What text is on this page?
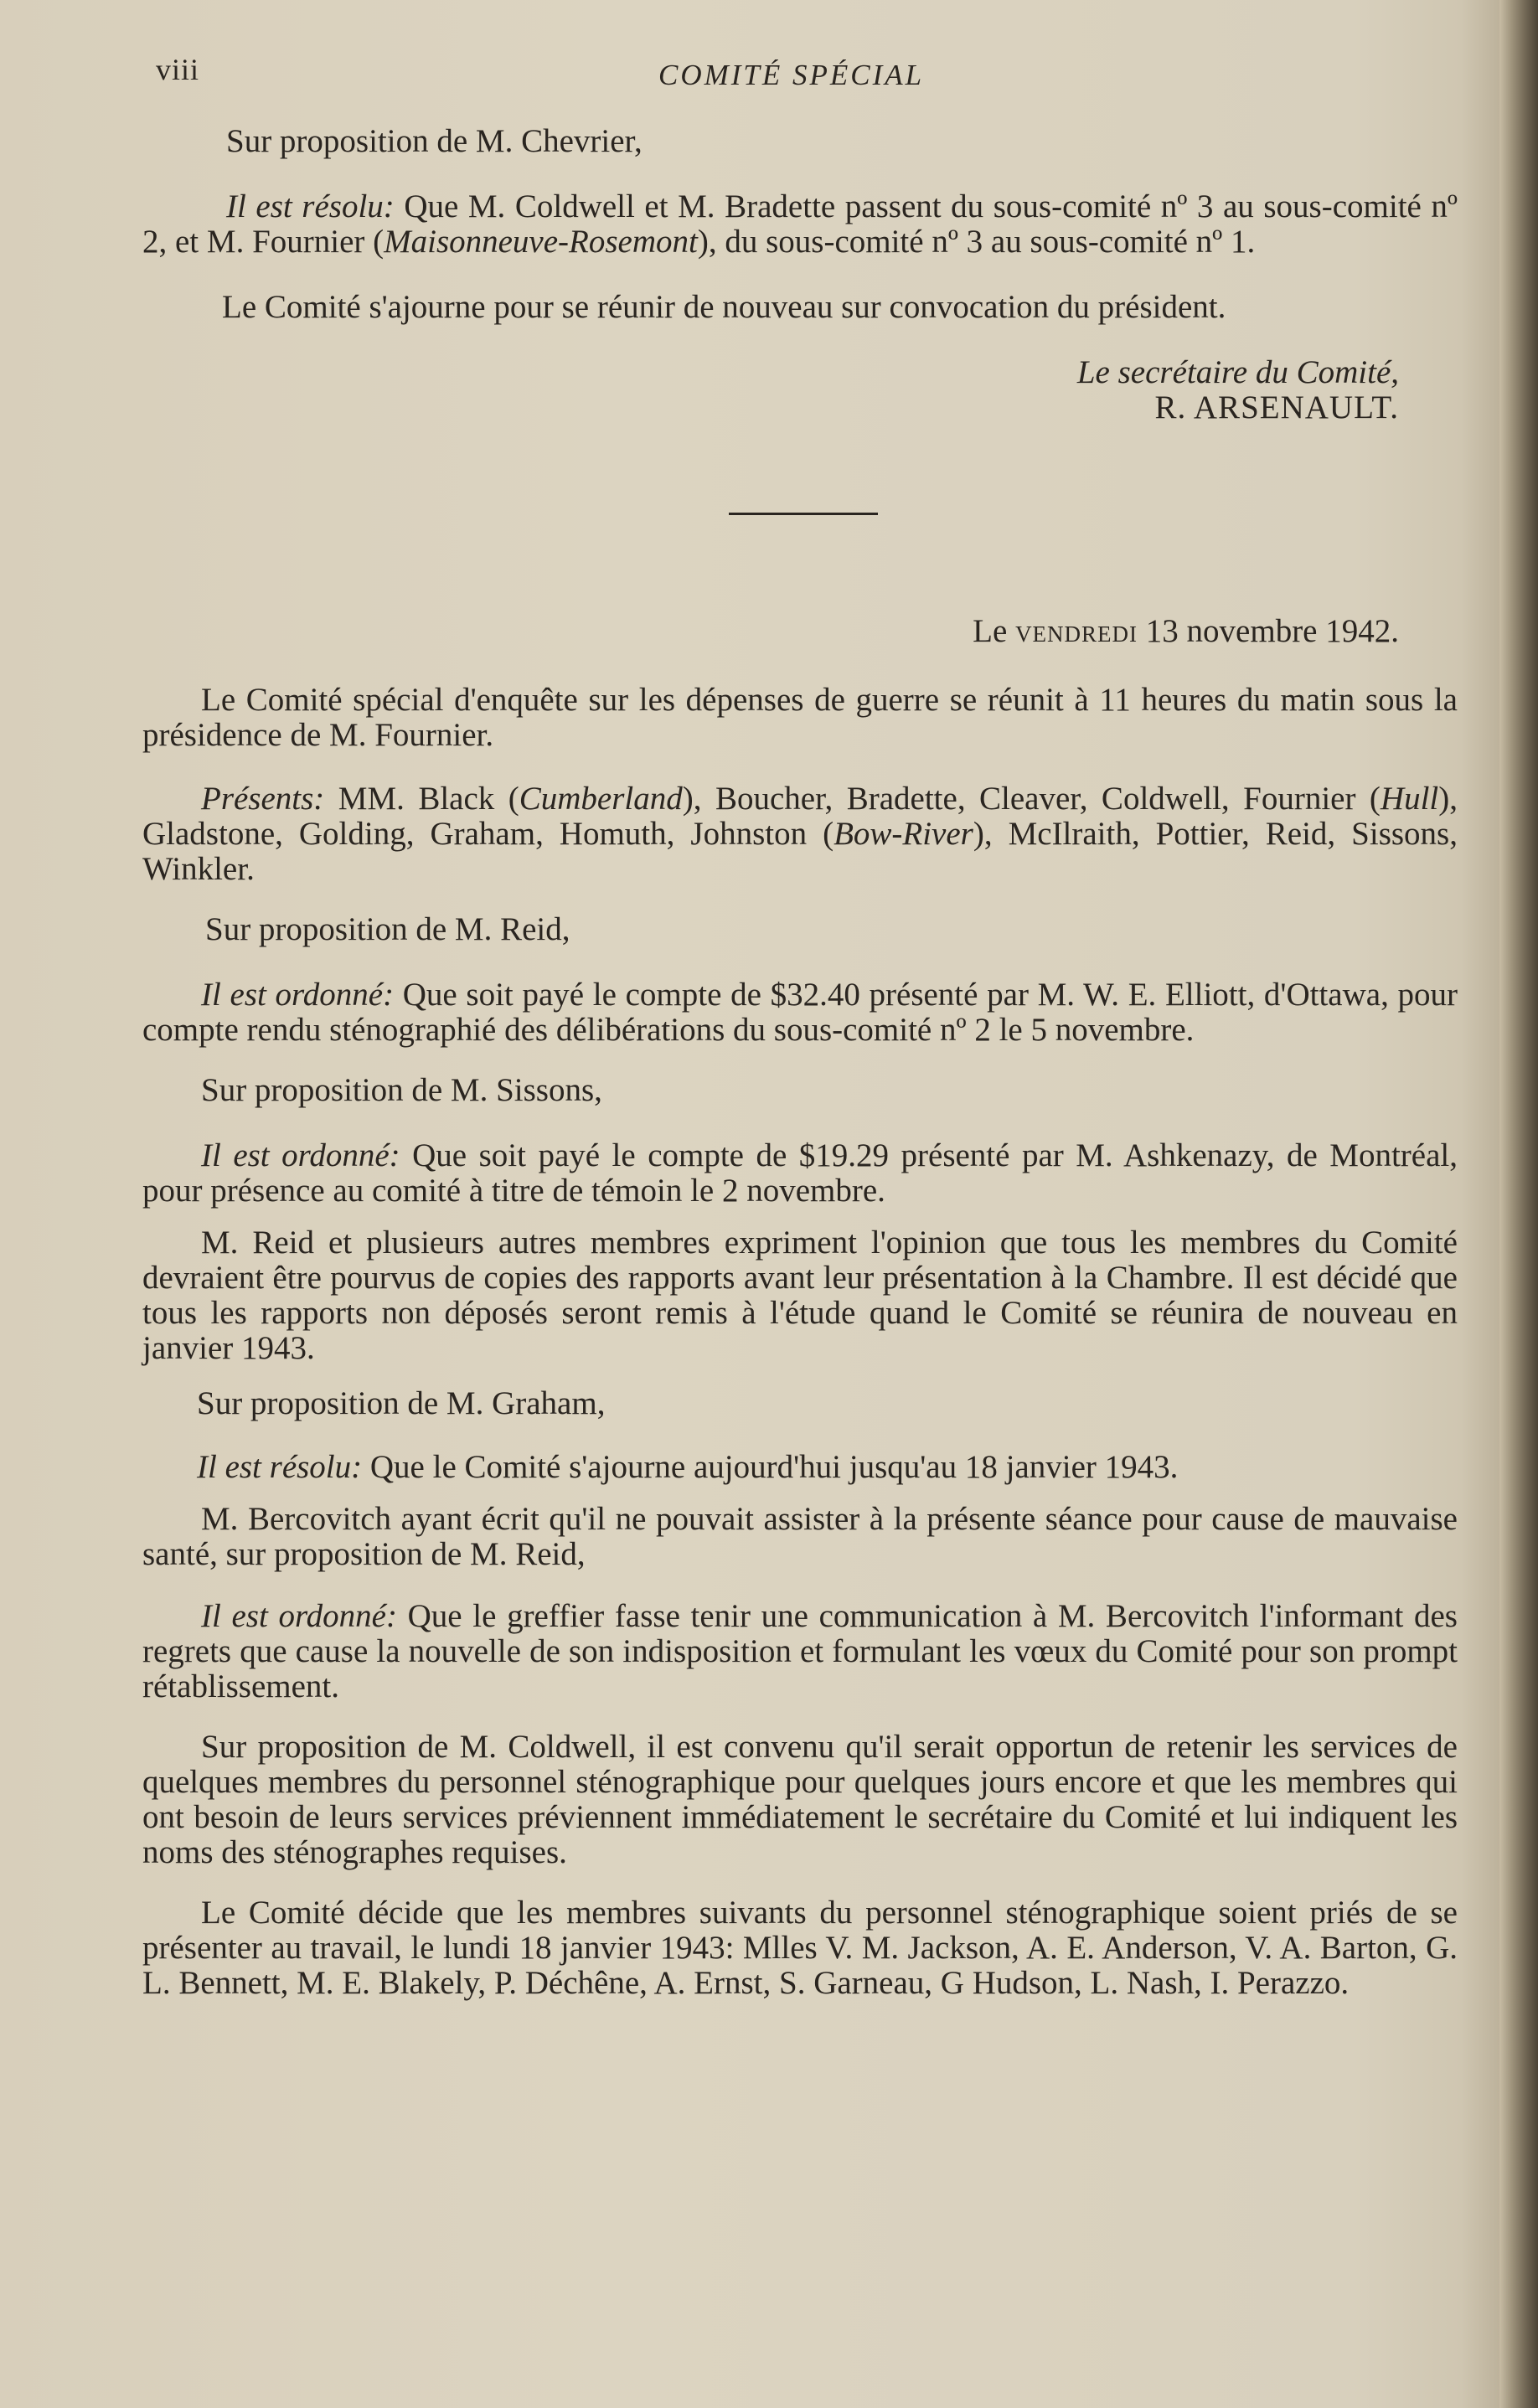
viii	COMITÉ SPÉCIAL

Sur proposition de M. Chevrier,

Il est résolu: Que M. Coldwell et M. Bradette passent du sous-comité nº 3 au sous-comité nº 2, et M. Fournier (Maisonneuve-Rosemont), du sous-comité nº 3 au sous-comité nº 1.

Le Comité s'ajourne pour se réunir de nouveau sur convocation du président.

Le secrétaire du Comité,
R. ARSENAULT.

Le vendredi 13 novembre 1942.

Le Comité spécial d'enquête sur les dépenses de guerre se réunit à 11 heures du matin sous la présidence de M. Fournier.

Présents: MM. Black (Cumberland), Boucher, Bradette, Cleaver, Coldwell, Fournier (Hull), Gladstone, Golding, Graham, Homuth, Johnston (Bow-River), McIlraith, Pottier, Reid, Sissons, Winkler.

Sur proposition de M. Reid,

Il est ordonné: Que soit payé le compte de $32.40 présenté par M. W. E. Elliott, d'Ottawa, pour compte rendu sténographié des délibérations du sous-comité nº 2 le 5 novembre.

Sur proposition de M. Sissons,

Il est ordonné: Que soit payé le compte de $19.29 présenté par M. Ashkenazy, de Montréal, pour présence au comité à titre de témoin le 2 novembre.

M. Reid et plusieurs autres membres expriment l'opinion que tous les membres du Comité devraient être pourvus de copies des rapports avant leur présentation à la Chambre. Il est décidé que tous les rapports non déposés seront remis à l'étude quand le Comité se réunira de nouveau en janvier 1943.

Sur proposition de M. Graham,

Il est résolu: Que le Comité s'ajourne aujourd'hui jusqu'au 18 janvier 1943.

M. Bercovitch ayant écrit qu'il ne pouvait assister à la présente séance pour cause de mauvaise santé, sur proposition de M. Reid,

Il est ordonné: Que le greffier fasse tenir une communication à M. Bercovitch l'informant des regrets que cause la nouvelle de son indisposition et formulant les vœux du Comité pour son prompt rétablissement.

Sur proposition de M. Coldwell, il est convenu qu'il serait opportun de retenir les services de quelques membres du personnel sténographique pour quelques jours encore et que les membres qui ont besoin de leurs services préviennent immédiatement le secrétaire du Comité et lui indiquent les noms des sténographes requises.

Le Comité décide que les membres suivants du personnel sténographique soient priés de se présenter au travail, le lundi 18 janvier 1943: Mlles V. M. Jackson, A. E. Anderson, V. A. Barton, G. L. Bennett, M. E. Blakely, P. Déchêne, A. Ernst, S. Garneau, G Hudson, L. Nash, I. Perazzo.
